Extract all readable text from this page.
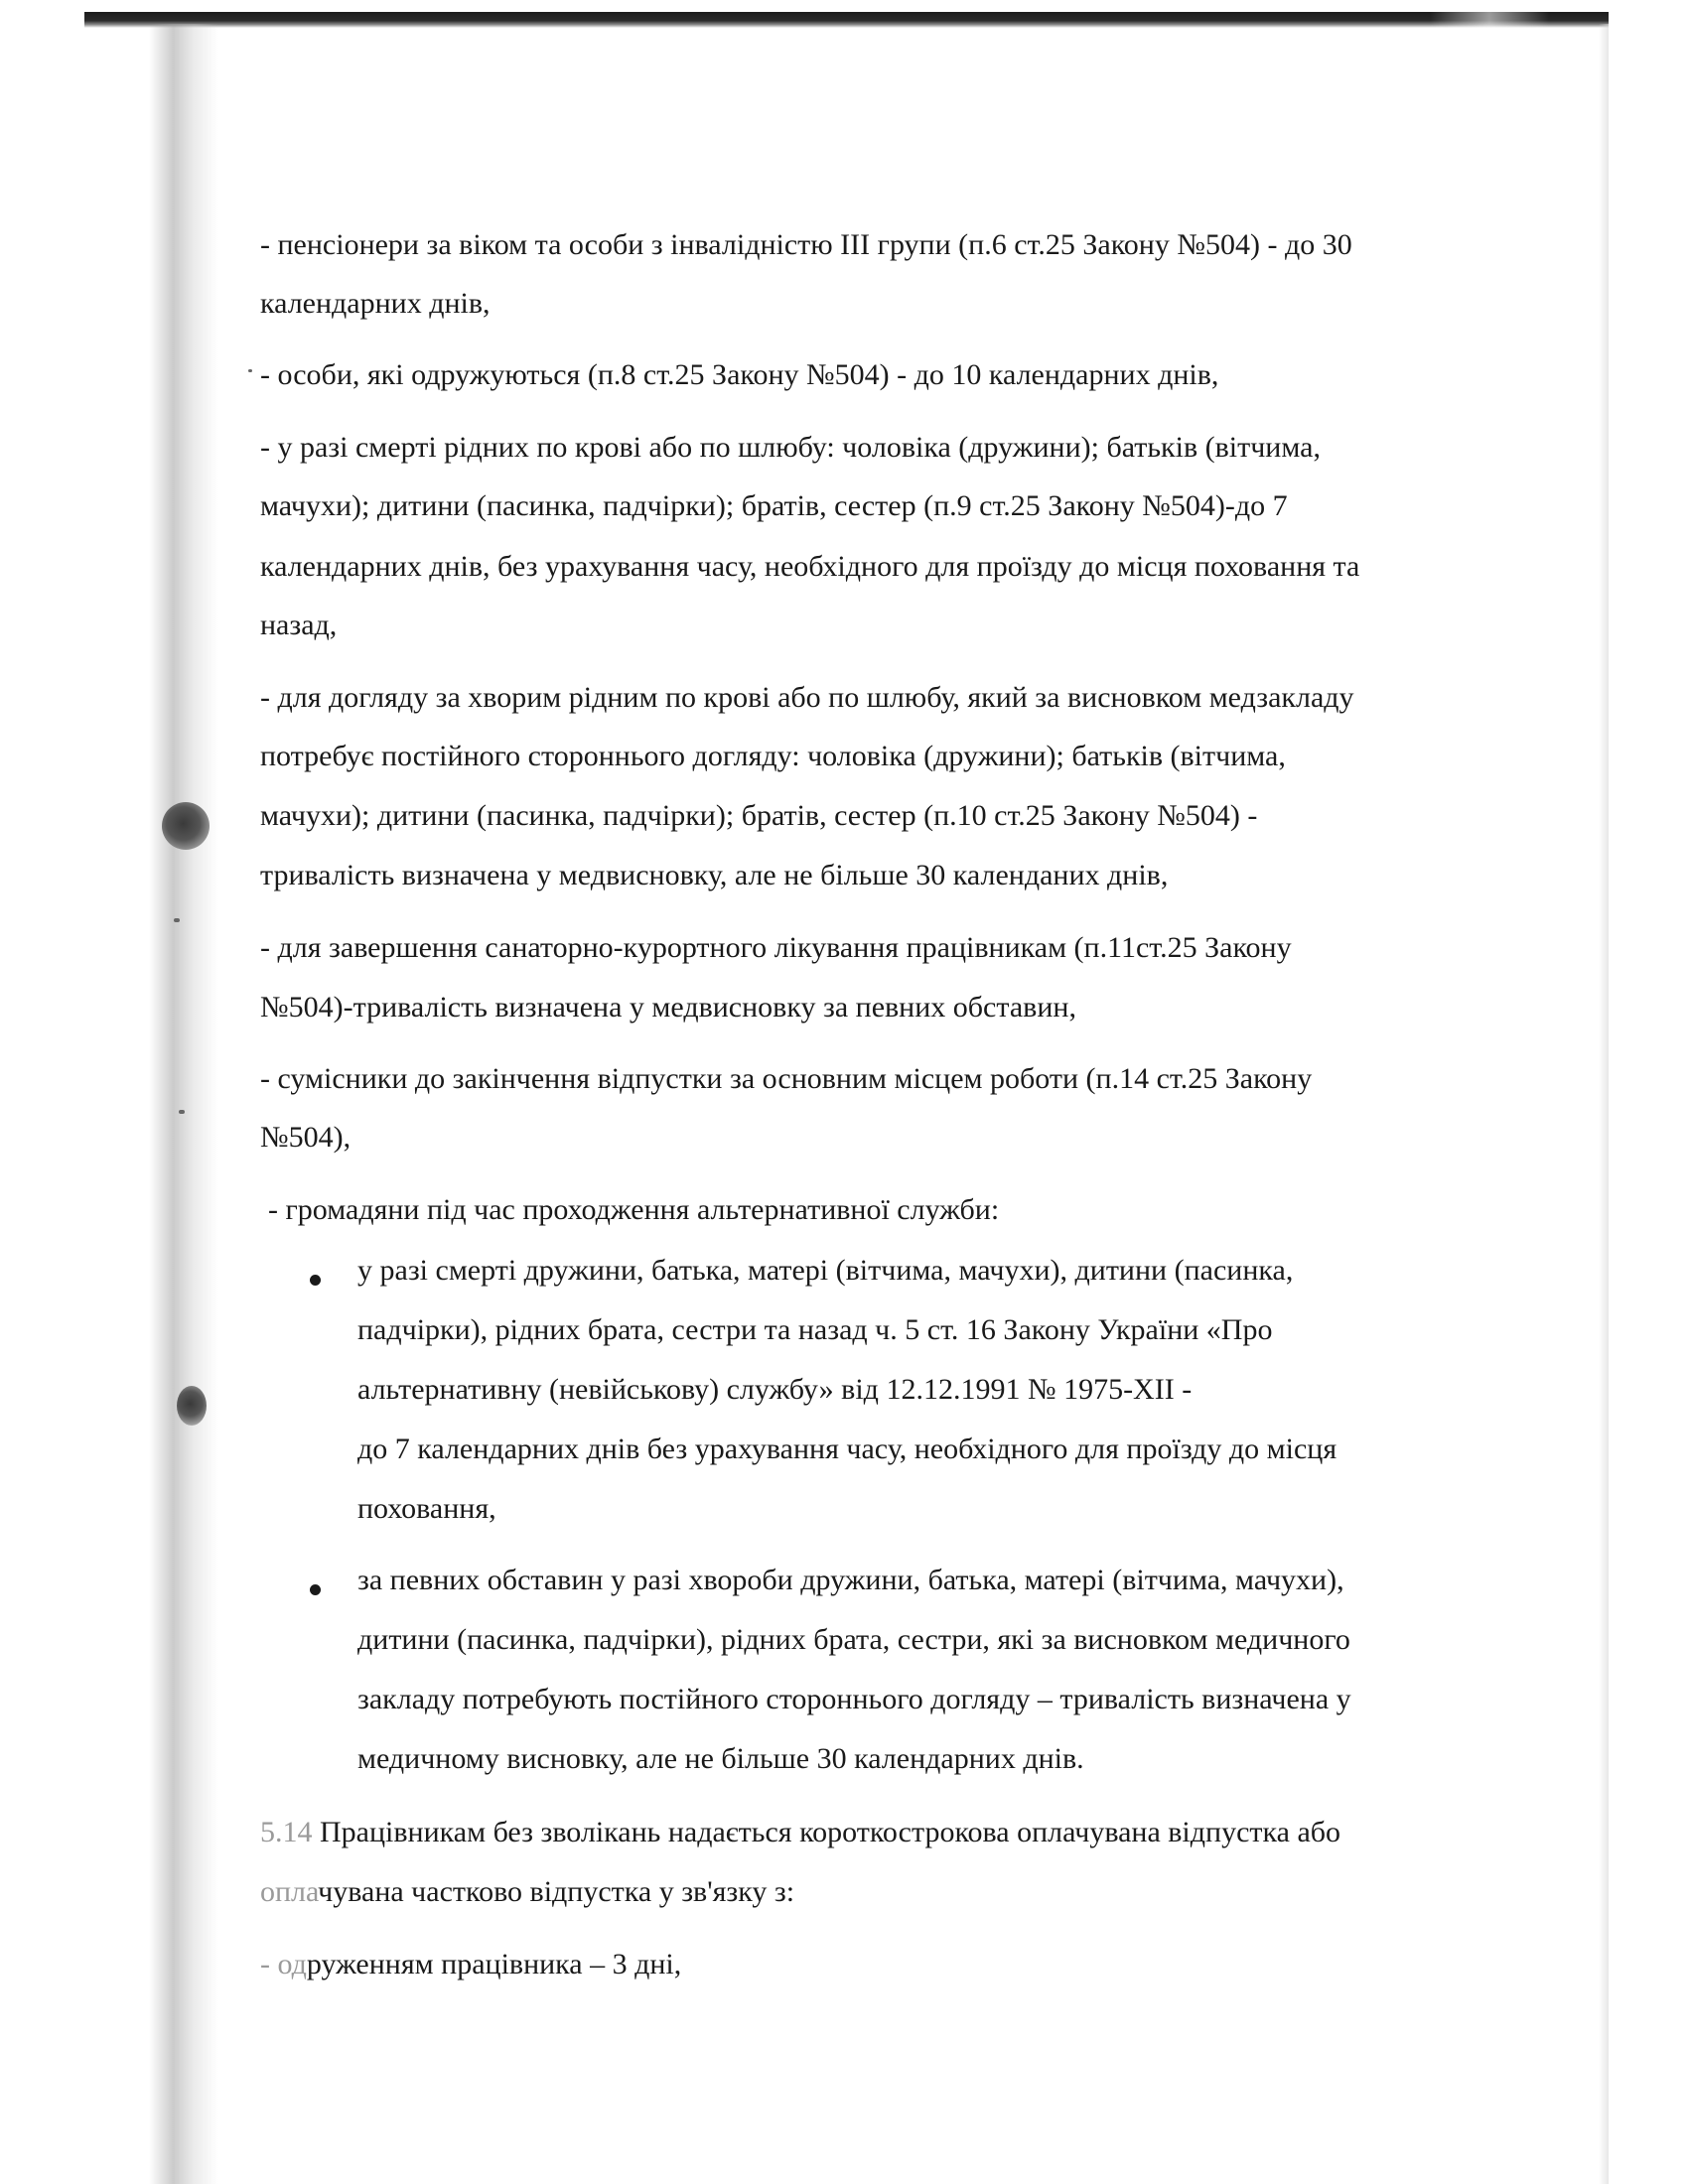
- пенсіонери за віком та особи з інвалідністю III групи (п.6 ст.25 Закону №504) - до 30
календарних днів,
- особи, які одружуються (п.8 ст.25 Закону №504) - до 10 календарних днів,
- у разі смерті рідних по крові або по шлюбу: чоловіка (дружини); батьків (вітчима,
мачухи); дитини (пасинка, падчірки); братів, сестер (п.9 ст.25 Закону №504)-до 7
календарних днів, без урахування часу, необхідного для проїзду до місця поховання та
назад,
- для догляду за хворим рідним по крові або по шлюбу, який за висновком медзакладу
потребує постійного стороннього догляду: чоловіка (дружини); батьків (вітчима,
мачухи); дитини (пасинка, падчірки); братів, сестер (п.10 ст.25 Закону №504) -
тривалість визначена у медвисновку, але не більше 30 календаних днів,
- для завершення санаторно-курортного лікування працівникам (п.11ст.25 Закону
№504)-тривалість визначена у медвисновку за певних обставин,
- сумісники до закінчення відпустки за основним місцем роботи (п.14 ст.25 Закону
№504),
- громадяни під час проходження альтернативної служби:
у разі смерті дружини, батька, матері (вітчима, мачухи), дитини (пасинка,
падчірки), рідних брата, сестри та назад ч. 5 ст. 16 Закону України «Про
альтернативну (невійськову) службу» від 12.12.1991 № 1975-XII -
до 7 календарних днів без урахування часу, необхідного для проїзду до місця
поховання,
за певних обставин у разі хвороби дружини, батька, матері (вітчима, мачухи),
дитини (пасинка, падчірки), рідних брата, сестри, які за висновком медичного
закладу потребують постійного стороннього догляду – тривалість визначена у
медичному висновку, але не більше 30 календарних днів.
5.14 Працівникам без зволікань надається короткострокова оплачувана відпустка або
оплачувана частково відпустка у зв'язку з:
- одруженням працівника – 3 дні,
